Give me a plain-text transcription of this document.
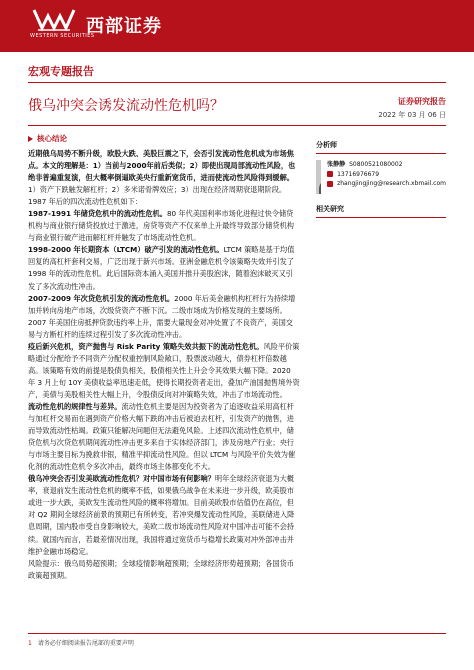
WESTERN SECURITIES
西部证券
宏观专题报告
俄乌冲突会诱发流动性危机吗？	证券研究报告
2022 年 03 月 06 日
核心结论

近期俄乌局势不断升级，欧股大跌、美股巨震之下，会否引发流动性危机成为市场焦点。本文的理解是：1）当前与2000年前后类似；2）即使出现局部流动性风险，也绝非普遍重复演，但大概率倒逼欧美央行重新宽货币，进而使流动性风险得到缓解。1）资产下跌触发解杠杆；2）多米诺骨牌效应；3）出现在经济周期衰退期阶段。1987 年后的四次流动性危机如下：

1987-1991 年储贷危机中的流动性危机。80 年代美国利率市场化进程过快令储贷机构与商业银行储贷投放过于激进，房贷等资产不仅来单上升最终导致部分储贷机构与商业银行破产进而解杠杆并触发了市场流动性危机。

1998-2000 年长期资本（LTCM）破产引发的流动性危机。LTCM 策略是基于均值回复的高杠杆套利交易，广泛出现于新兴市场。亚洲金融危机令该策略失效并引发了 1998 年的流动性危机。此后国际资本涌入美国并推升美股泡沫，随着泡沫破灭又引发了多次流动性冲击。

2007-2009 年次贷危机引发的流动性危机。2000 年后美金融机构杠杆行为持续增加并转向房地产市场，次级贷资产不断下沉。二级市场成为价格发现的主要场所。2007 年美国住房抵押贷款违约率上升，需要大量现金对冲处置了不良资产，美国交易与方断杠杆的连续过程引发了多次流动性冲击。

疫后新兴危机，资产抛售与 Risk Parity 策略失效共振下的流动性危机。风险平价策略通过分配给予不同资产分配权重控制风险敞口，股票波动越大，债券杠杆倍数越高。该策略有效的前提是股债负相关，股债相关性上升会令其效果大幅下降。2020 年 3 月上旬 10Y 美债收益率迅速走低，使得长期投资者走出，叠加产油国抛售境外资产，美债与美股相关性大幅上升，令股债反向对冲策略失效，冲击了市场流动性。

流动性危机的规律性与差异。流动性危机主要是因为投资者为了追逐收益采用高杠杆与加杠杆交易而在遇到资产价格大幅下跌的冲击后被迫去杠杆，引发资产的抛售，进而导致流动性枯竭。政策只能解决问题但无法避免风险。上述四次流动性危机中，储贷危机与次贷危机期间流动性冲击更多来自于实体经济部门，涉及房地产行业；央行与市场主要目标为挽救非银，精准平抑流动性风险。但以 LTCM 与风险平价失效为催化剂的流动性危机令多次冲击，最终市场主体都变化不大。

俄乌冲突会否引发美欧流动性危机？对中国市场有何影响？明年全球经济衰退为大概率，衰退前发生流动性危机的概率不低，如果俄乌战争在未来进一步升级，欧美股市或进一步大跌，美欧发生流动性风险的概率将增加。目前美欧股市估值仍在高位，但对 Q2 期间全球经济前景的预期已有所转变，若冲突爆发流动性风险，美联储进入降息周期，国内股市受自身影响较大，美欧二级市场流动性风险对中国冲击可能不会持续。就国内而言，若最差情况出现，我国将通过宽货币与稳增长政策对冲外部冲击并维护金融市场稳定。

风险提示：俄乌局势超预期；全球疫情影响超预期；全球经济形势超预期；各国货币政策超预期。

分析师
张静静 S0800521080002
13716976679
zhangjingjing@research.xbmail.com
相关研究
1 请务必仔细阅读报告尾部的重要声明
